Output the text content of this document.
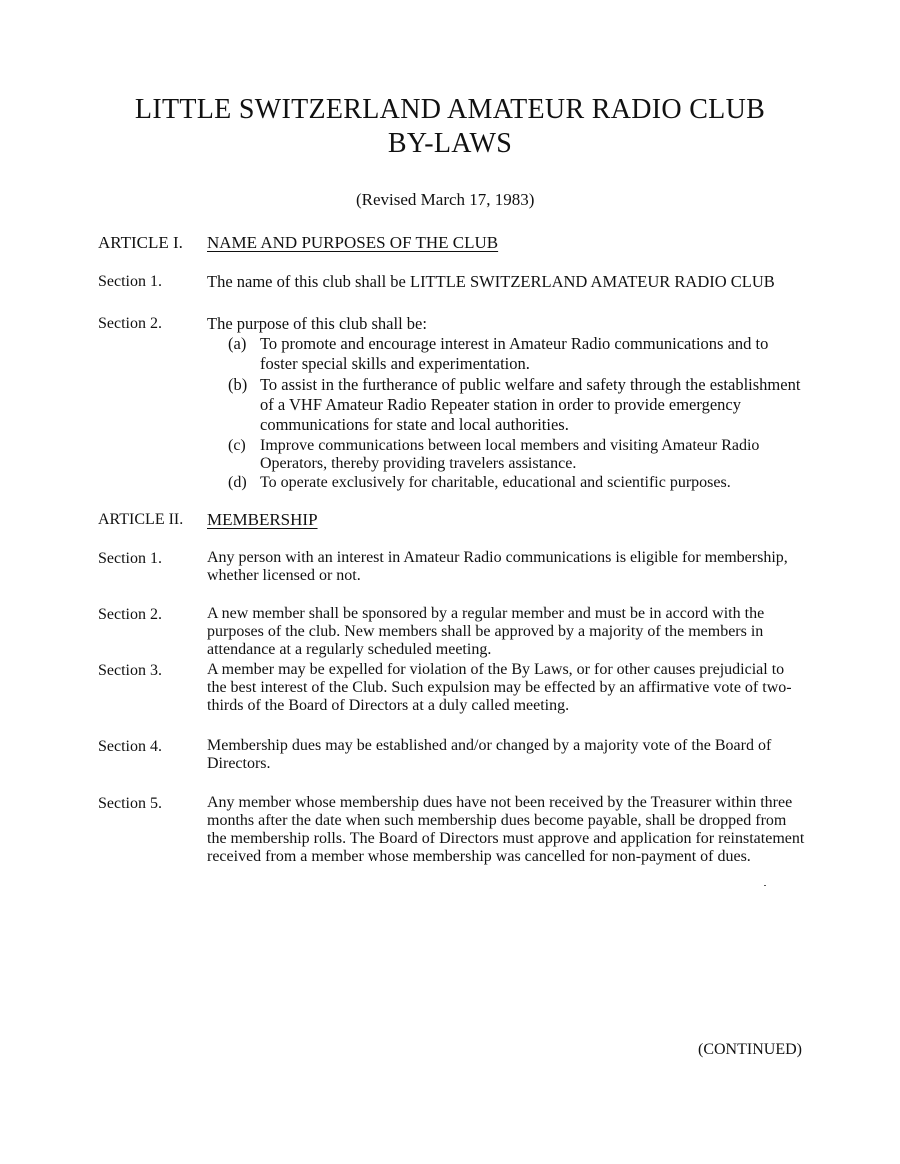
LITTLE SWITZERLAND AMATEUR RADIO CLUB
BY-LAWS
(Revised March 17, 1983)
ARTICLE I. NAME AND PURPOSES OF THE CLUB
Section 1.	The name of this club shall be LITTLE SWITZERLAND AMATEUR RADIO CLUB
Section 2.	The purpose of this club shall be:
(a) To promote and encourage interest in Amateur Radio communications and to foster special skills and experimentation.
(b) To assist in the furtherance of public welfare and safety through the establishment of a VHF Amateur Radio Repeater station in order to provide emergency communications for state and local authorities.
(c) Improve communications between local members and visiting Amateur Radio Operators, thereby providing travelers assistance.
(d) To operate exclusively for charitable, educational and scientific purposes.
ARTICLE II. MEMBERSHIP
Section 1.	Any person with an interest in Amateur Radio communications is eligible for membership, whether licensed or not.
Section 2.	A new member shall be sponsored by a regular member and must be in accord with the purposes of the club. New members shall be approved by a majority of the members in attendance at a regularly scheduled meeting.
Section 3.	A member may be expelled for violation of the By Laws, or for other causes prejudicial to the best interest of the Club. Such expulsion may be effected by an affirmative vote of two-thirds of the Board of Directors at a duly called meeting.
Section 4.	Membership dues may be established and/or changed by a majority vote of the Board of Directors.
Section 5.	Any member whose membership dues have not been received by the Treasurer within three months after the date when such membership dues become payable, shall be dropped from the membership rolls. The Board of Directors must approve and application for reinstatement received from a member whose membership was cancelled for non-payment of dues.
(CONTINUED)
